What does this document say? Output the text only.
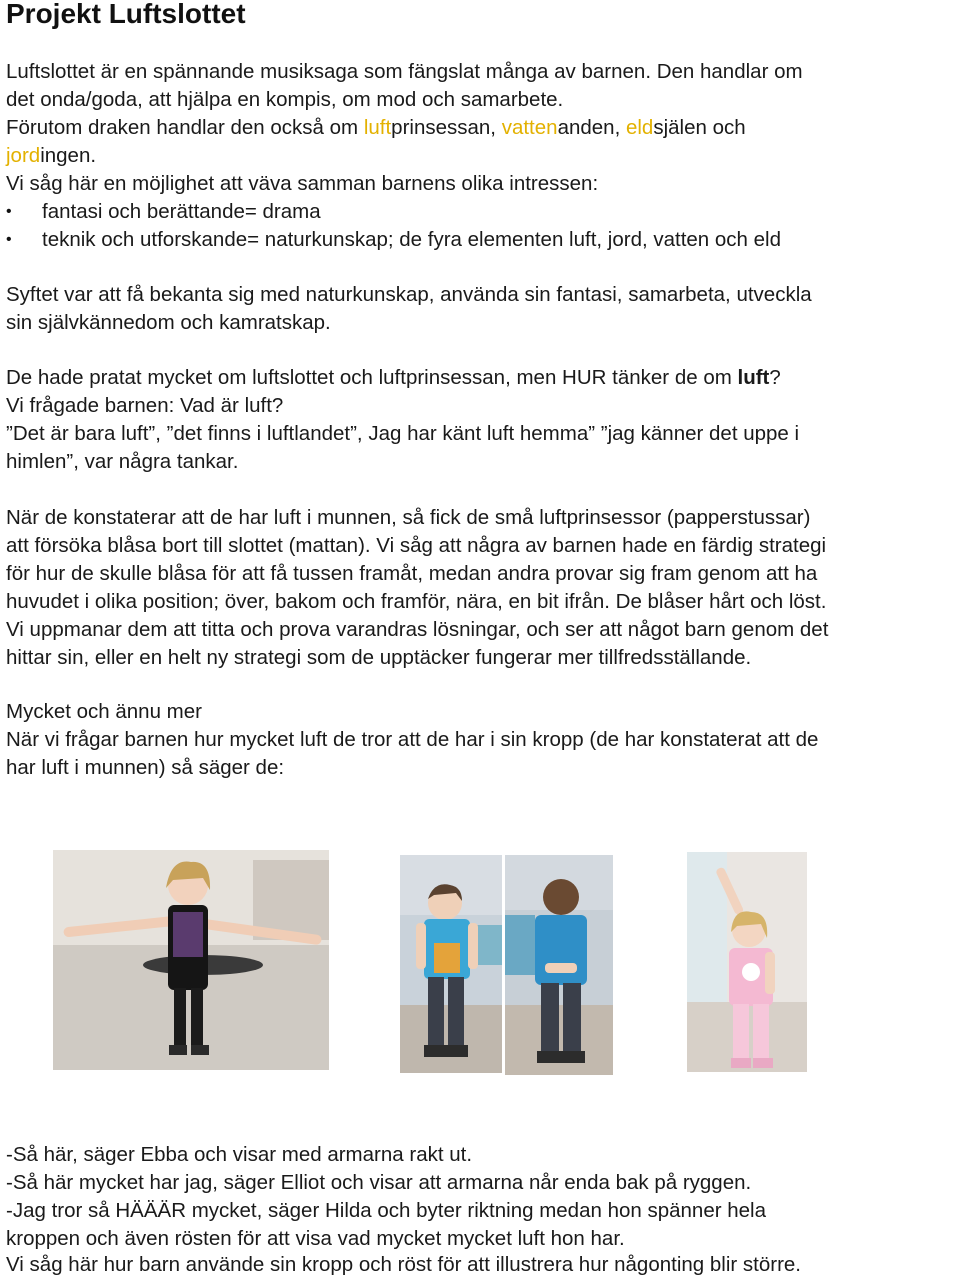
Projekt Luftslottet
Luftslottet är en spännande musiksaga som fängslat många av barnen. Den handlar om
det onda/goda, att hjälpa en kompis, om mod och samarbete.
Förutom draken handlar den också om luftprinsessan, vattenanden, eldsjälen och
jordingen.
Vi såg här en möjlighet att väva samman barnens olika intressen:
• fantasi och berättande= drama
• teknik och utforskande= naturkunskap; de fyra elementen luft, jord, vatten och eld
Syftet var att få bekanta sig med naturkunskap, använda sin fantasi, samarbeta, utveckla
sin självkännedom och kamratskap.
De hade pratat mycket om luftslottet och luftprinsessan, men HUR tänker de om luft?
Vi frågade barnen: Vad är luft?
”Det är bara luft”, ”det finns i luftlandet”, Jag har känt luft hemma” ”jag känner det uppe i
himlen”, var några tankar.
När de konstaterar att de har luft i munnen, så fick de små luftprinsessor (papperstussar)
att försöka blåsa bort till slottet (mattan). Vi såg att några av barnen hade en färdig strategi
för hur de skulle blåsa för att få tussen framåt, medan andra provar sig fram genom att ha
huvudet i olika position; över, bakom och framför, nära, en bit ifrån. De blåser hårt och löst.
Vi uppmanar dem att titta och prova varandras lösningar, och ser att något barn genom det
hittar sin, eller en helt ny strategi som de upptäcker fungerar mer tillfredsställande.
Mycket och ännu mer
När vi frågar barnen hur mycket luft de tror att de har i sin kropp (de har konstaterat att de
har luft i munnen) så säger de:
-Så här, säger Ebba och visar med armarna rakt ut.
-Så här mycket har jag, säger Elliot och visar att armarna når enda bak på ryggen.
-Jag tror så HÄÄÄR mycket, säger Hilda och byter riktning medan hon spänner hela
kroppen och även rösten för att visa vad mycket mycket luft hon har.
Vi såg här hur barn använde sin kropp och röst för att illustrera hur någonting blir större.
